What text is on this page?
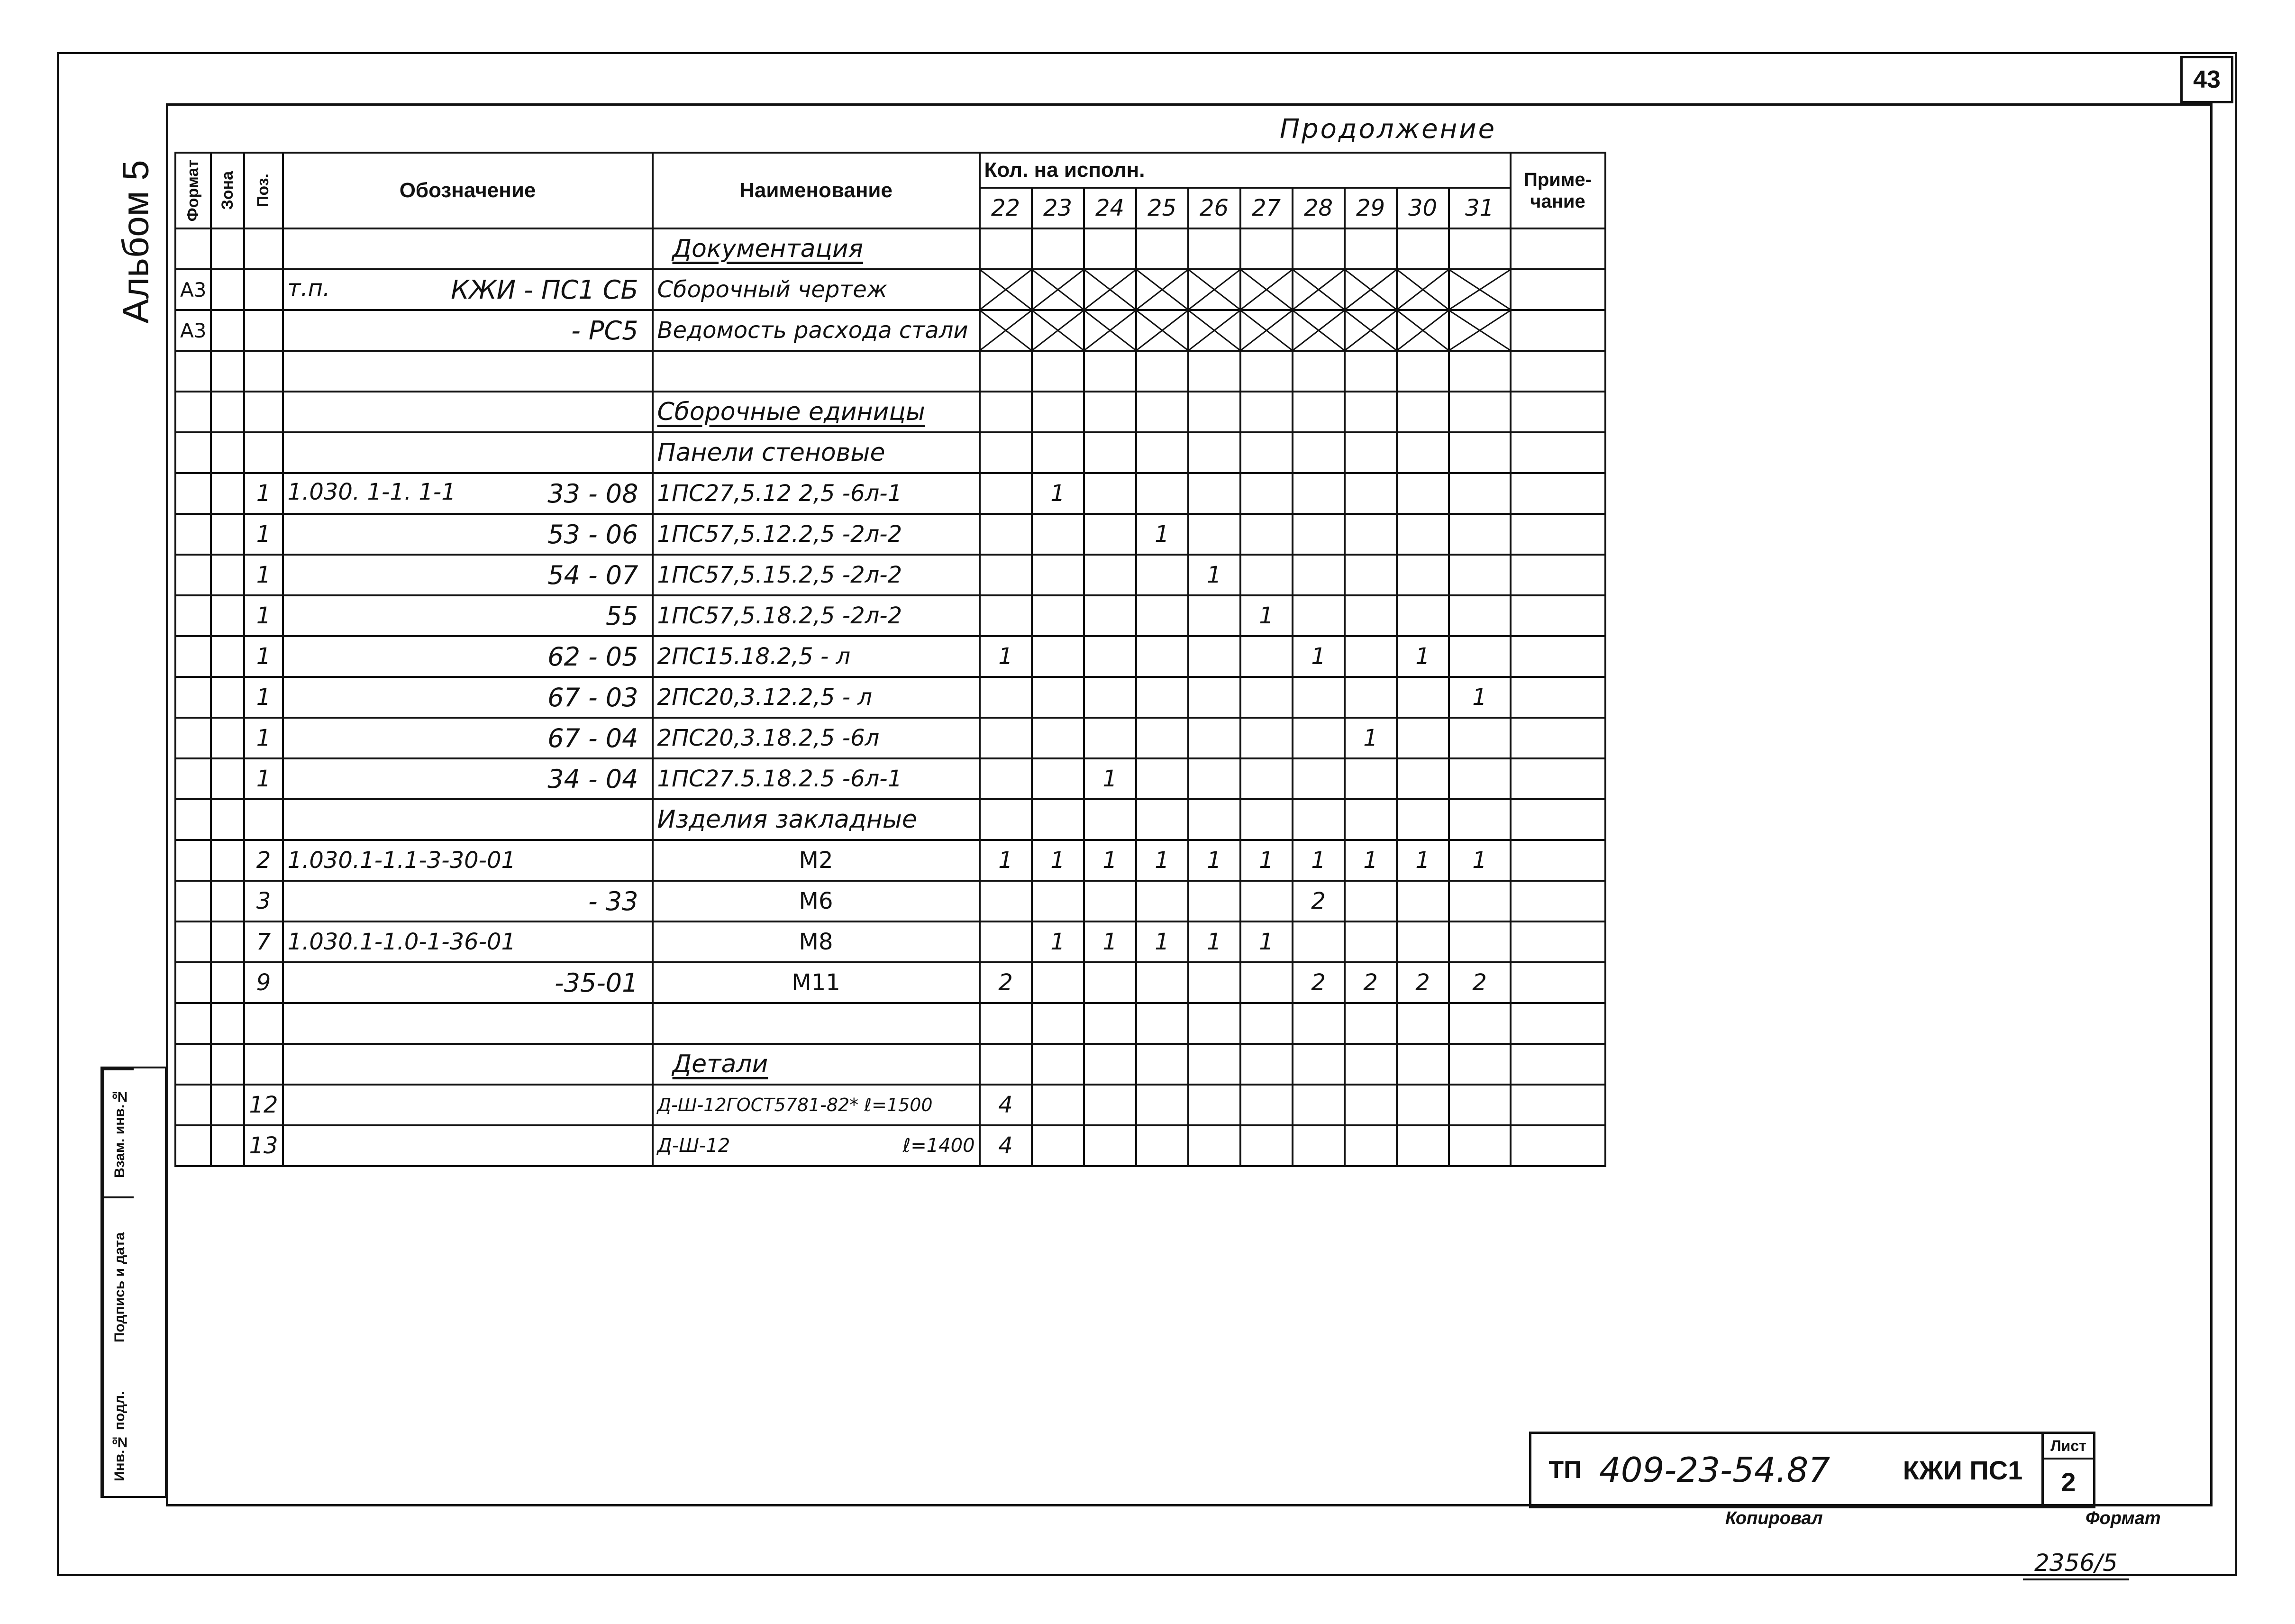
43
Альбом 5
Продолжение
Формат	Зона	Поз.	Обозначение	Наименование	Кол. на исполн.										Приме-чание
					22	23	24	25	26	27	28	29	30	31	
				Документация											
А3			т.п. КЖИ - ПС1 СБ	Сборочный чертеж	

А3			- РС5	Ведомость расхода стали	

				Сборочные единицы											
				Панели стеновые											
		1	1.030. 1-1. 1-1 33 - 08	1ПС27,5.12 2,5 -6л-1		1									
		1	53 - 06	1ПС57,5.12.2,5 -2л-2				1							
		1	54 - 07	1ПС57,5.15.2,5 -2л-2					1						
		1	55	1ПС57,5.18.2,5 -2л-2						1					
		1	62 - 05	2ПС15.18.2,5 - л	1						1		1		
		1	67 - 03	2ПС20,3.12.2,5 - л										1	
		1	67 - 04	2ПС20,3.18.2,5 -6л								1			
		1	34 - 04	1ПС27.5.18.2.5 -6л-1			1								
				Изделия закладные											
		2	1.030.1-1.1-3-30-01	М2	1	1	1	1	1	1	1	1	1	1	
		3	- 33	М6							2				
		7	1.030.1-1.0-1-36-01	М8		1	1	1	1	1					
		9	-35-01	М11	2						2	2	2	2	

				Детали											
		12		Д-Ш-12ГОСТ5781-82* ℓ=1500	4										
		13		Д-Ш-12 ℓ=1400	4										
Инв.№ подл.
Подпись и дата
Взам. инв.№
ТП	409-23-54.87	КЖИ ПС1	
Лист
2
Копировал	Формат
2356/5
